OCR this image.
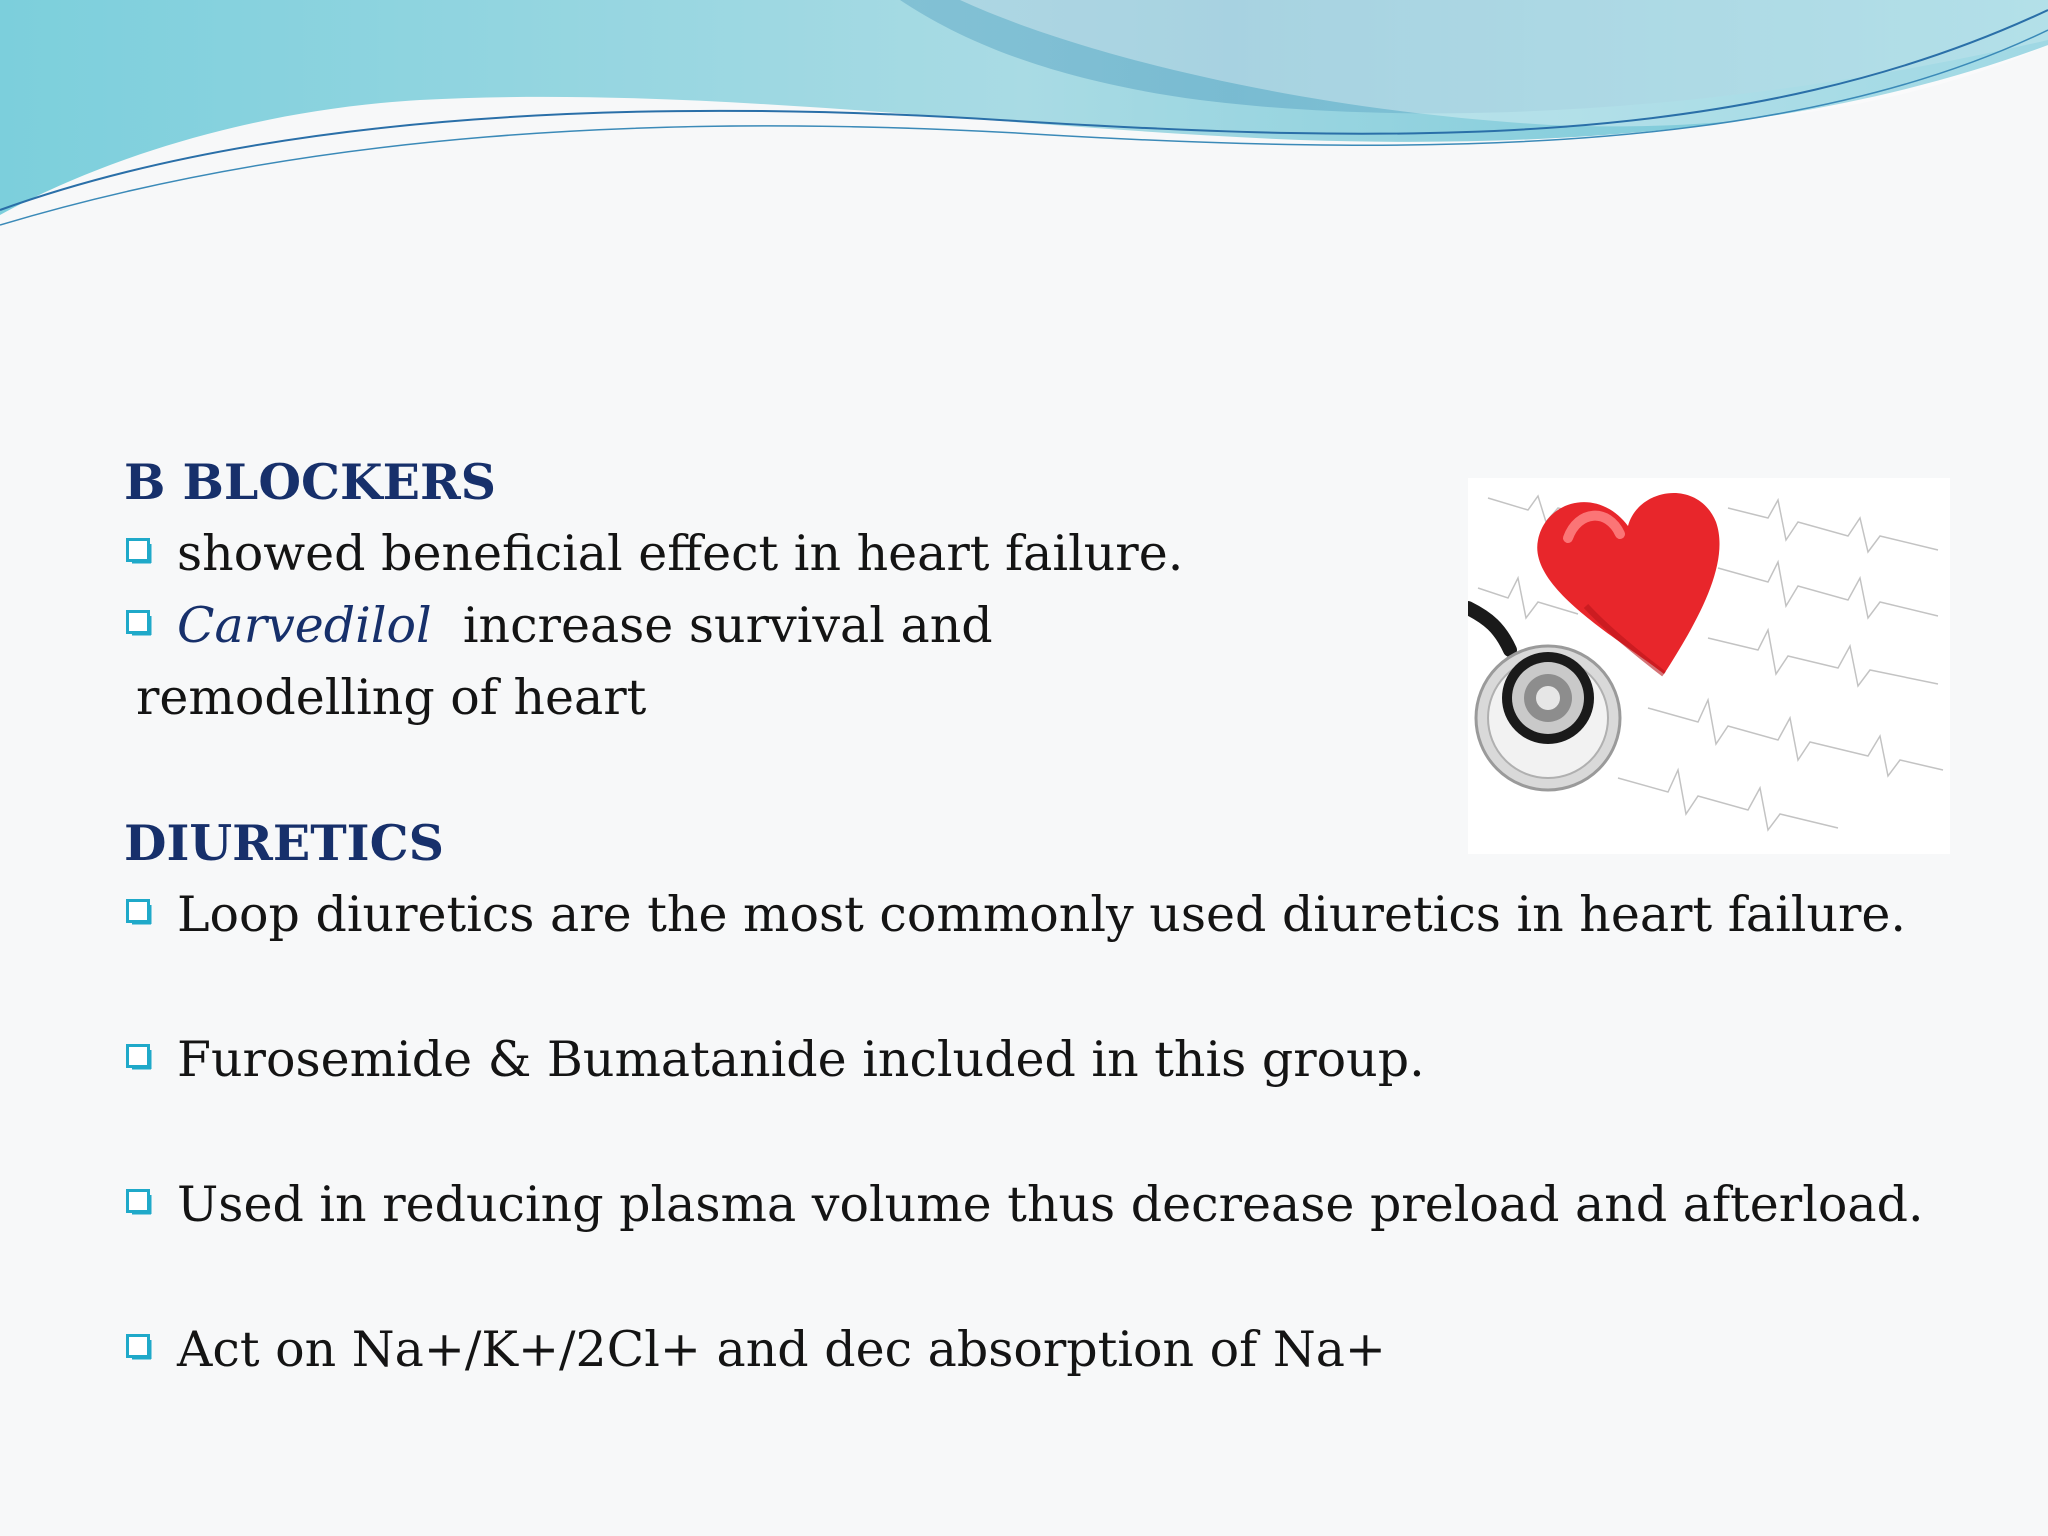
B BLOCKERS
showed beneficial effect in heart failure.
Carvedilol  increase survival and
remodelling of heart
DIURETICS
Loop diuretics are the most commonly used diuretics in heart failure.
Furosemide & Bumatanide included in this group.
Used in reducing plasma volume thus decrease preload and afterload.
Act on Na+/K+/2Cl+ and dec absorption of Na+
